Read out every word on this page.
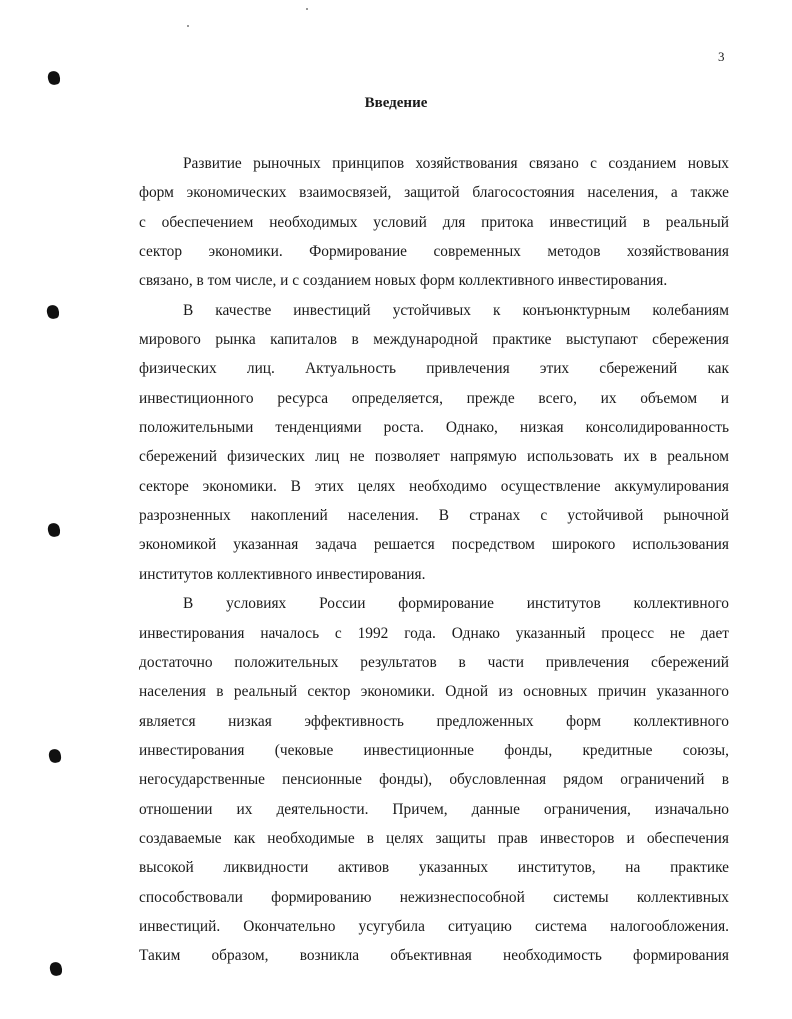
3
Введение
Развитие рыночных принципов хозяйствования связано с созданием новых
форм экономических взаимосвязей, защитой благосостояния населения, а также
с обеспечением необходимых условий для притока инвестиций в реальный
сектор экономики. Формирование современных методов хозяйствования
связано, в том числе, и с созданием новых форм коллективного инвестирования.
В качестве инвестиций устойчивых к конъюнктурным колебаниям
мирового рынка капиталов в международной практике выступают сбережения
физических лиц. Актуальность привлечения этих сбережений как
инвестиционного ресурса определяется, прежде всего, их объемом и
положительными тенденциями роста. Однако, низкая консолидированность
сбережений физических лиц не позволяет напрямую использовать их в реальном
секторе экономики. В этих целях необходимо осуществление аккумулирования
разрозненных накоплений населения. В странах с устойчивой рыночной
экономикой указанная задача решается посредством широкого использования
институтов коллективного инвестирования.
В условиях России формирование институтов коллективного
инвестирования началось с 1992 года. Однако указанный процесс не дает
достаточно положительных результатов в части привлечения сбережений
населения в реальный сектор экономики. Одной из основных причин указанного
является низкая эффективность предложенных форм коллективного
инвестирования (чековые инвестиционные фонды, кредитные союзы,
негосударственные пенсионные фонды), обусловленная рядом ограничений в
отношении их деятельности. Причем, данные ограничения, изначально
создаваемые как необходимые в целях защиты прав инвесторов и обеспечения
высокой ликвидности активов указанных институтов, на практике
способствовали формированию нежизнеспособной системы коллективных
инвестиций. Окончательно усугубила ситуацию система налогообложения.
Таким образом, возникла объективная необходимость формирования
